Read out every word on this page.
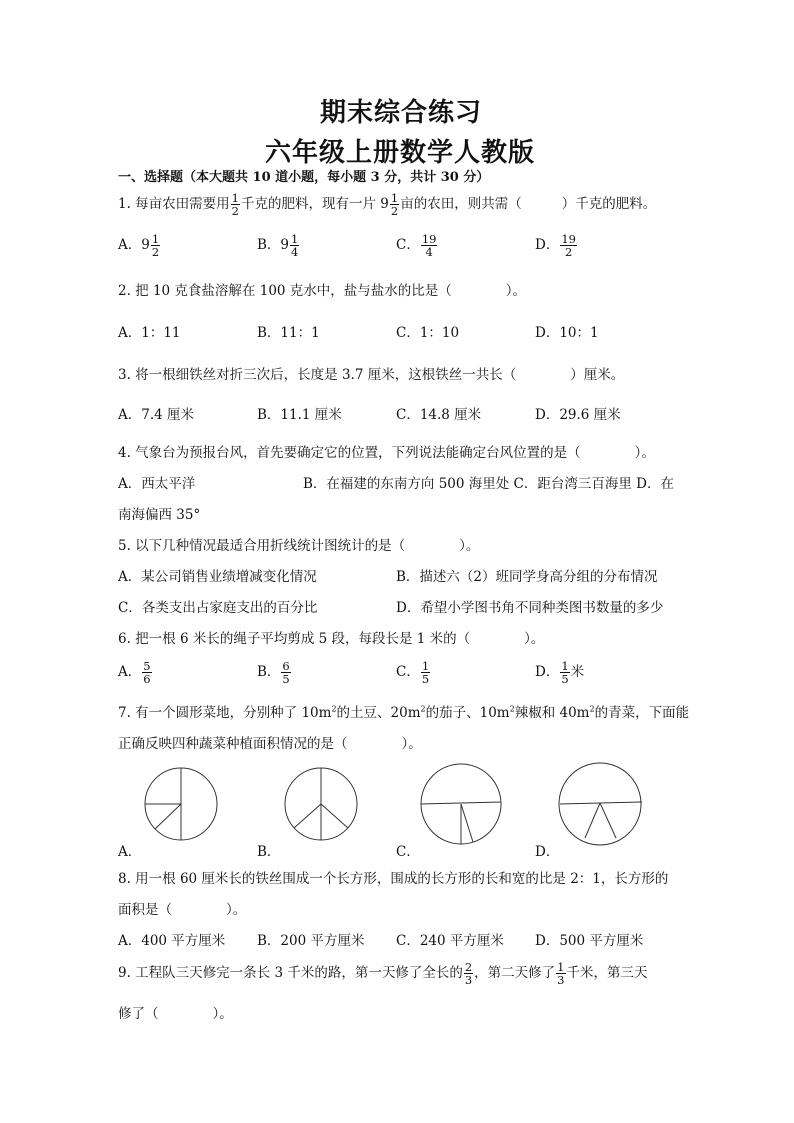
期末综合练习
六年级上册数学人教版
一、选择题（本大题共 10 道小题，每小题 3 分，共计 30 分）
1. 每亩农田需要用 $\frac{1}{2}$ 千克的肥料，现有一片 $9 \frac{1}{2}$ 亩的农田，则共需（	）千克的肥料。
A． $9 \frac{1}{2}$	B． $9 \frac{1}{4}$	C． $\frac{19}{4}$	D． $\frac{19}{2}$
2. 把 10 克食盐溶解在 100 克水中，盐与盐水的比是（　　　　）。
A．1：11	B．11：1	C．1：10	D．10：1
3. 将一根细铁丝对折三次后，长度是 3.7 厘米，这根铁丝一共长（　　　　）厘米。
A．7.4 厘米	B．11.1 厘米	C．14.8 厘米	D．29.6 厘米
4. 气象台为预报台风，首先要确定它的位置，下列说法能确定台风位置的是（　　　　）。
A．西太平洋	B．在福建的东南方向 500 海里处 C．距台湾三百海里 D．在
南海偏西 35°
5. 以下几种情况最适合用折线统计图统计的是（　　　　）。
A．某公司销售业绩增减变化情况	B．描述六（2）班同学身高分组的分布情况
C．各类支出占家庭支出的百分比	D．希望小学图书角不同种类图书数量的多少
6. 把一根 6 米长的绳子平均剪成 5 段，每段长是 1 米的（　　　　）。
A． $\frac{5}{6}$	B． $\frac{6}{5}$	C． $\frac{1}{5}$	D． $\frac{1}{5}$ 米
7. 有一个圆形菜地，分别种了 $10m^2$的土豆、$20m^2$的茄子、$10m^2$辣椒和 $40m^2$的青菜，下面能
正确反映四种蔬菜种植面积情况的是（　　　　）。
A．	B．	C．	D．
8. 用一根 60 厘米长的铁丝围成一个长方形，围成的长方形的长和宽的比是 2：1，长方形的
面积是（　　　　）。
A．400 平方厘米 B．200 平方厘米 C．240 平方厘米 D．500 平方厘米
9. 工程队三天修完一条长 3 千米的路，第一天修了全长的 $\frac{2}{3}$ ，第二天修了 $\frac{1}{3}$ 千米，第三天
修了（　　　　）。
